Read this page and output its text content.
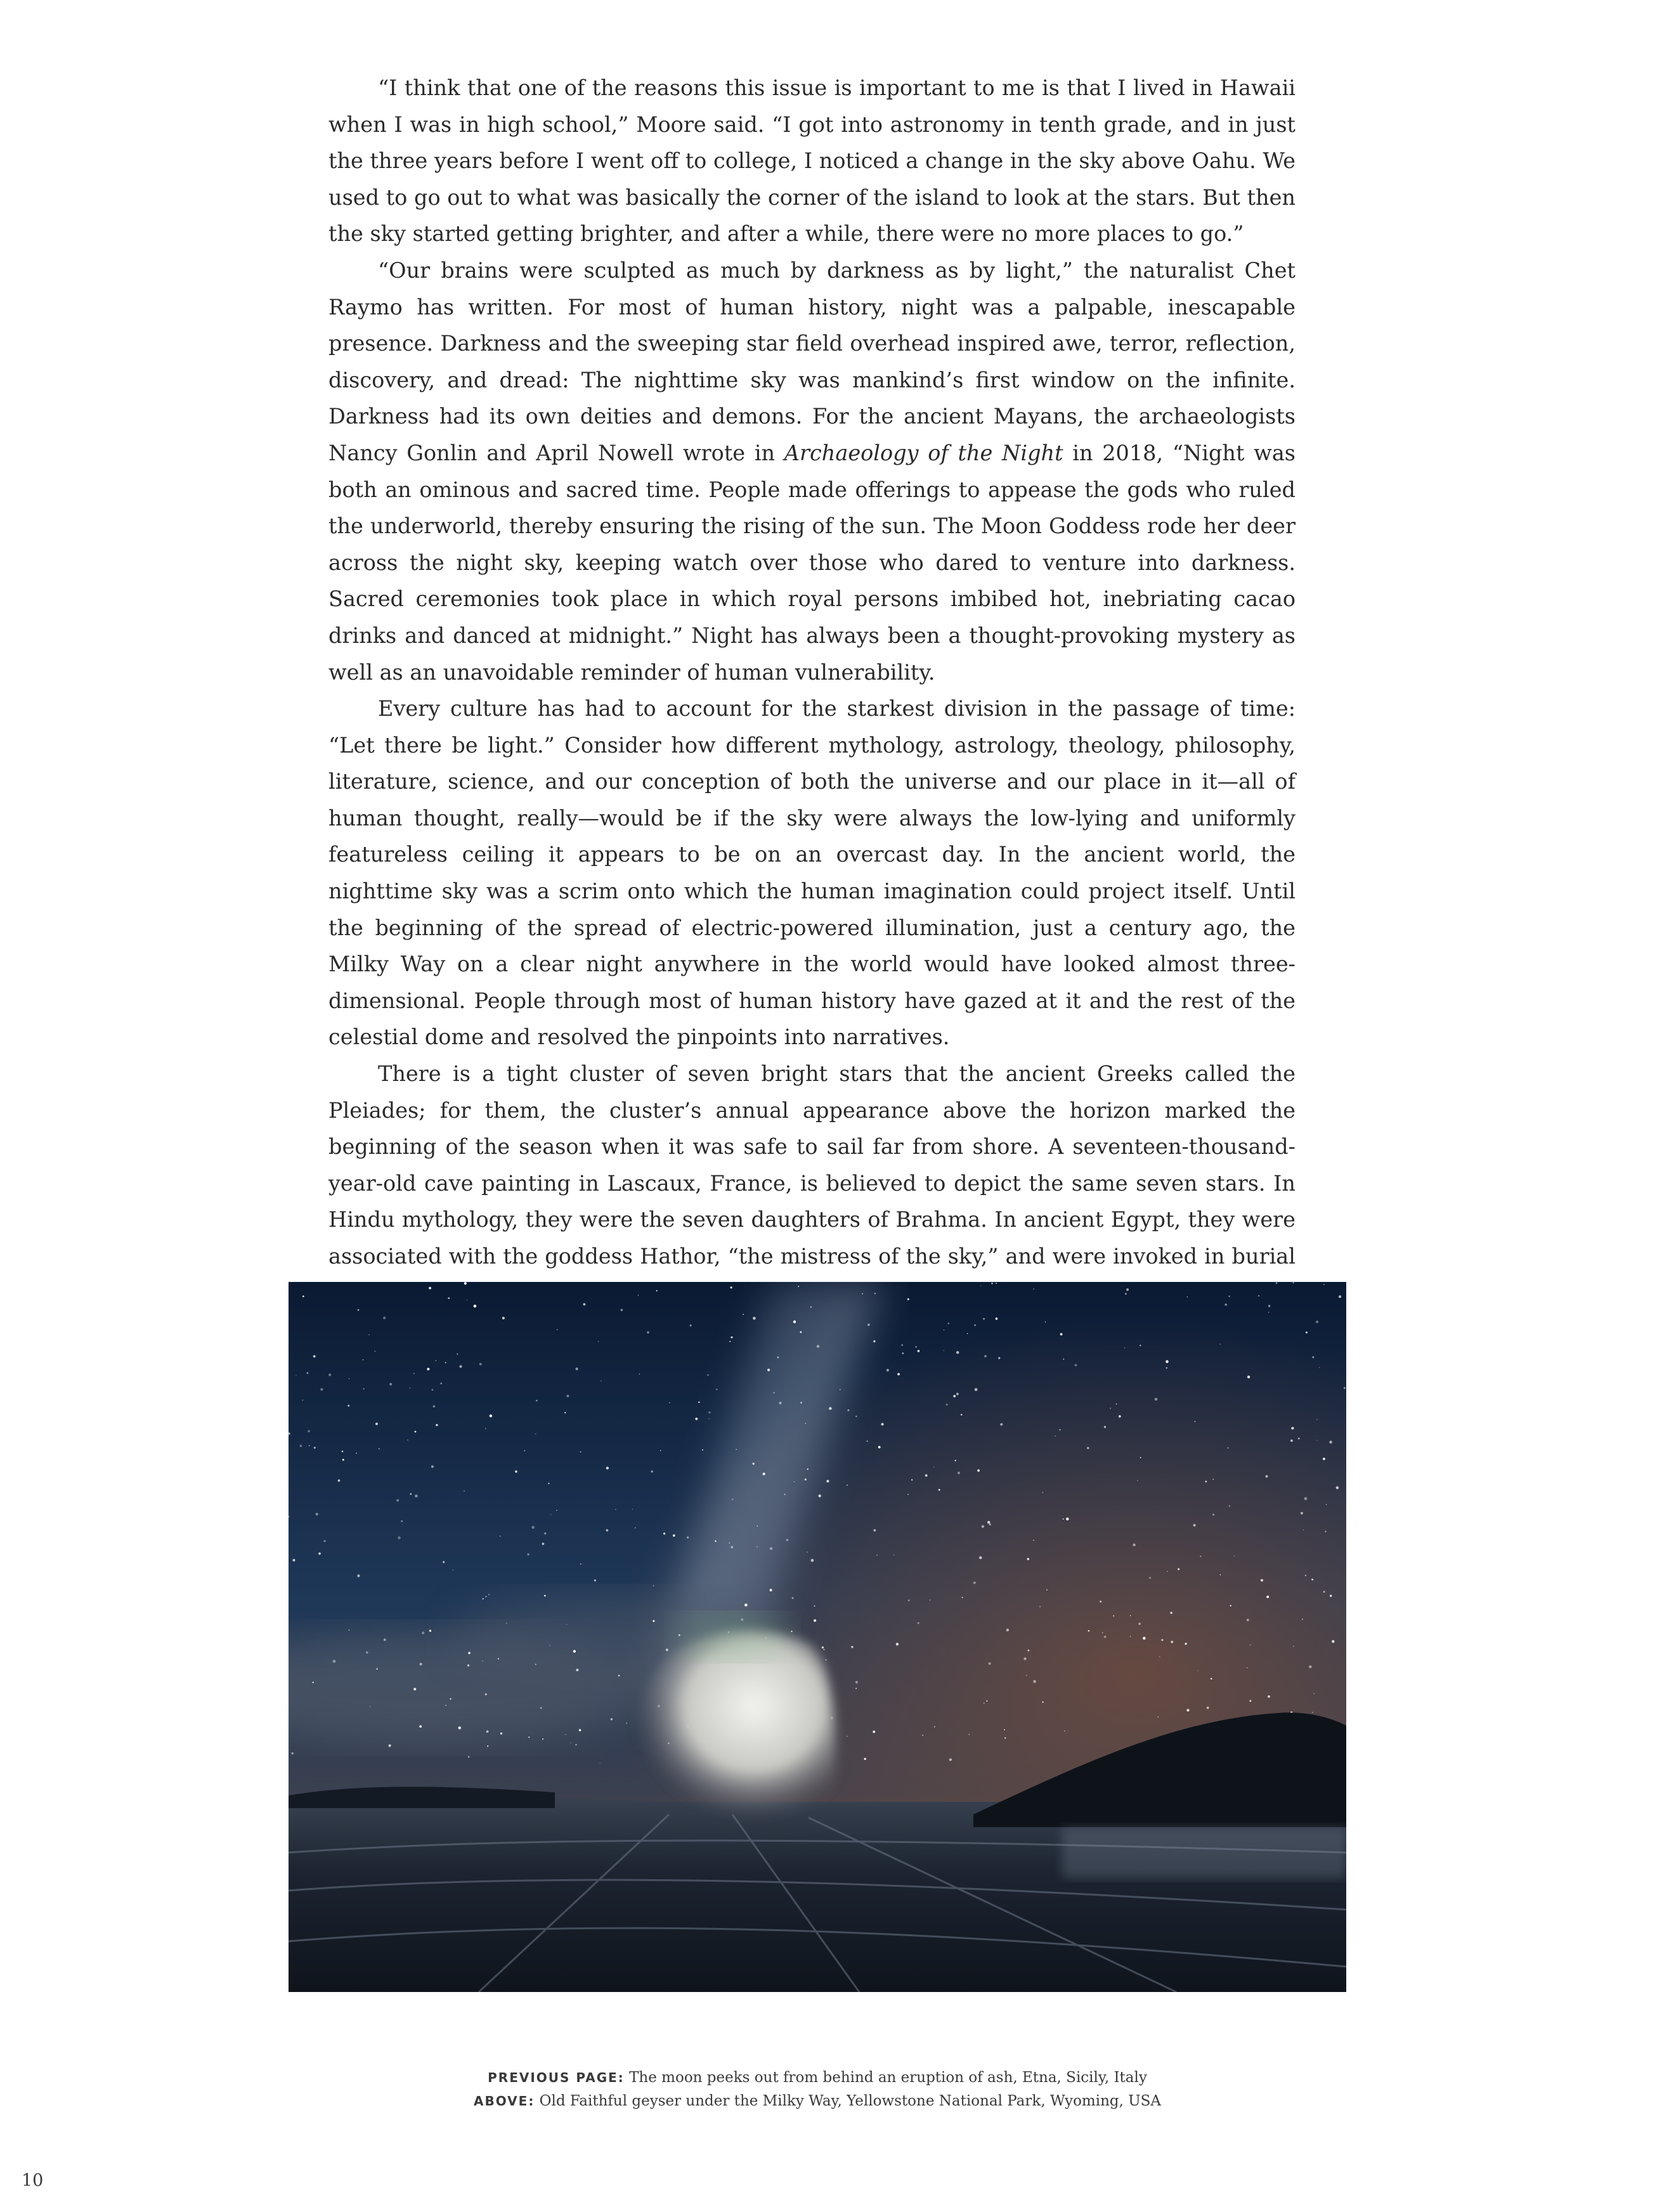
“I think that one of the reasons this issue is important to me is that I lived in Hawaii when I was in high school,” Moore said. “I got into astronomy in tenth grade, and in just the three years before I went off to college, I noticed a change in the sky above Oahu. We used to go out to what was basically the corner of the island to look at the stars. But then the sky started getting brighter, and after a while, there were no more places to go.”

“Our brains were sculpted as much by darkness as by light,” the naturalist Chet Raymo has written. For most of human history, night was a palpable, inescapable presence. Darkness and the sweeping star field overhead inspired awe, terror, reflection, discovery, and dread: The nighttime sky was mankind’s first window on the infinite. Darkness had its own deities and demons. For the ancient Mayans, the archaeologists Nancy Gonlin and April Nowell wrote in Archaeology of the Night in 2018, “Night was both an ominous and sacred time. People made offerings to appease the gods who ruled the underworld, thereby ensuring the rising of the sun. The Moon Goddess rode her deer across the night sky, keeping watch over those who dared to venture into darkness. Sacred ceremonies took place in which royal persons imbibed hot, inebriating cacao drinks and danced at midnight.” Night has always been a thought-provoking mystery as well as an unavoidable reminder of human vulnerability.

Every culture has had to account for the starkest division in the passage of time: “Let there be light.” Consider how different mythology, astrology, theology, philosophy, literature, science, and our conception of both the universe and our place in it—all of human thought, really—would be if the sky were always the low-lying and uniformly featureless ceiling it appears to be on an overcast day. In the ancient world, the nighttime sky was a scrim onto which the human imagination could project itself. Until the beginning of the spread of electric-powered illumination, just a century ago, the Milky Way on a clear night anywhere in the world would have looked almost three-dimensional. People through most of human history have gazed at it and the rest of the celestial dome and resolved the pinpoints into narratives.

There is a tight cluster of seven bright stars that the ancient Greeks called the Pleiades; for them, the cluster’s annual appearance above the horizon marked the beginning of the season when it was safe to sail far from shore. A seventeen-thousand-year-old cave painting in Lascaux, France, is believed to depict the same seven stars. In Hindu mythology, they were the seven daughters of Brahma. In ancient Egypt, they were associated with the goddess Hathor, “the mistress of the sky,” and were invoked in burial

PREVIOUS PAGE: The moon peeks out from behind an eruption of ash, Etna, Sicily, Italy
ABOVE: Old Faithful geyser under the Milky Way, Yellowstone National Park, Wyoming, USA
10
